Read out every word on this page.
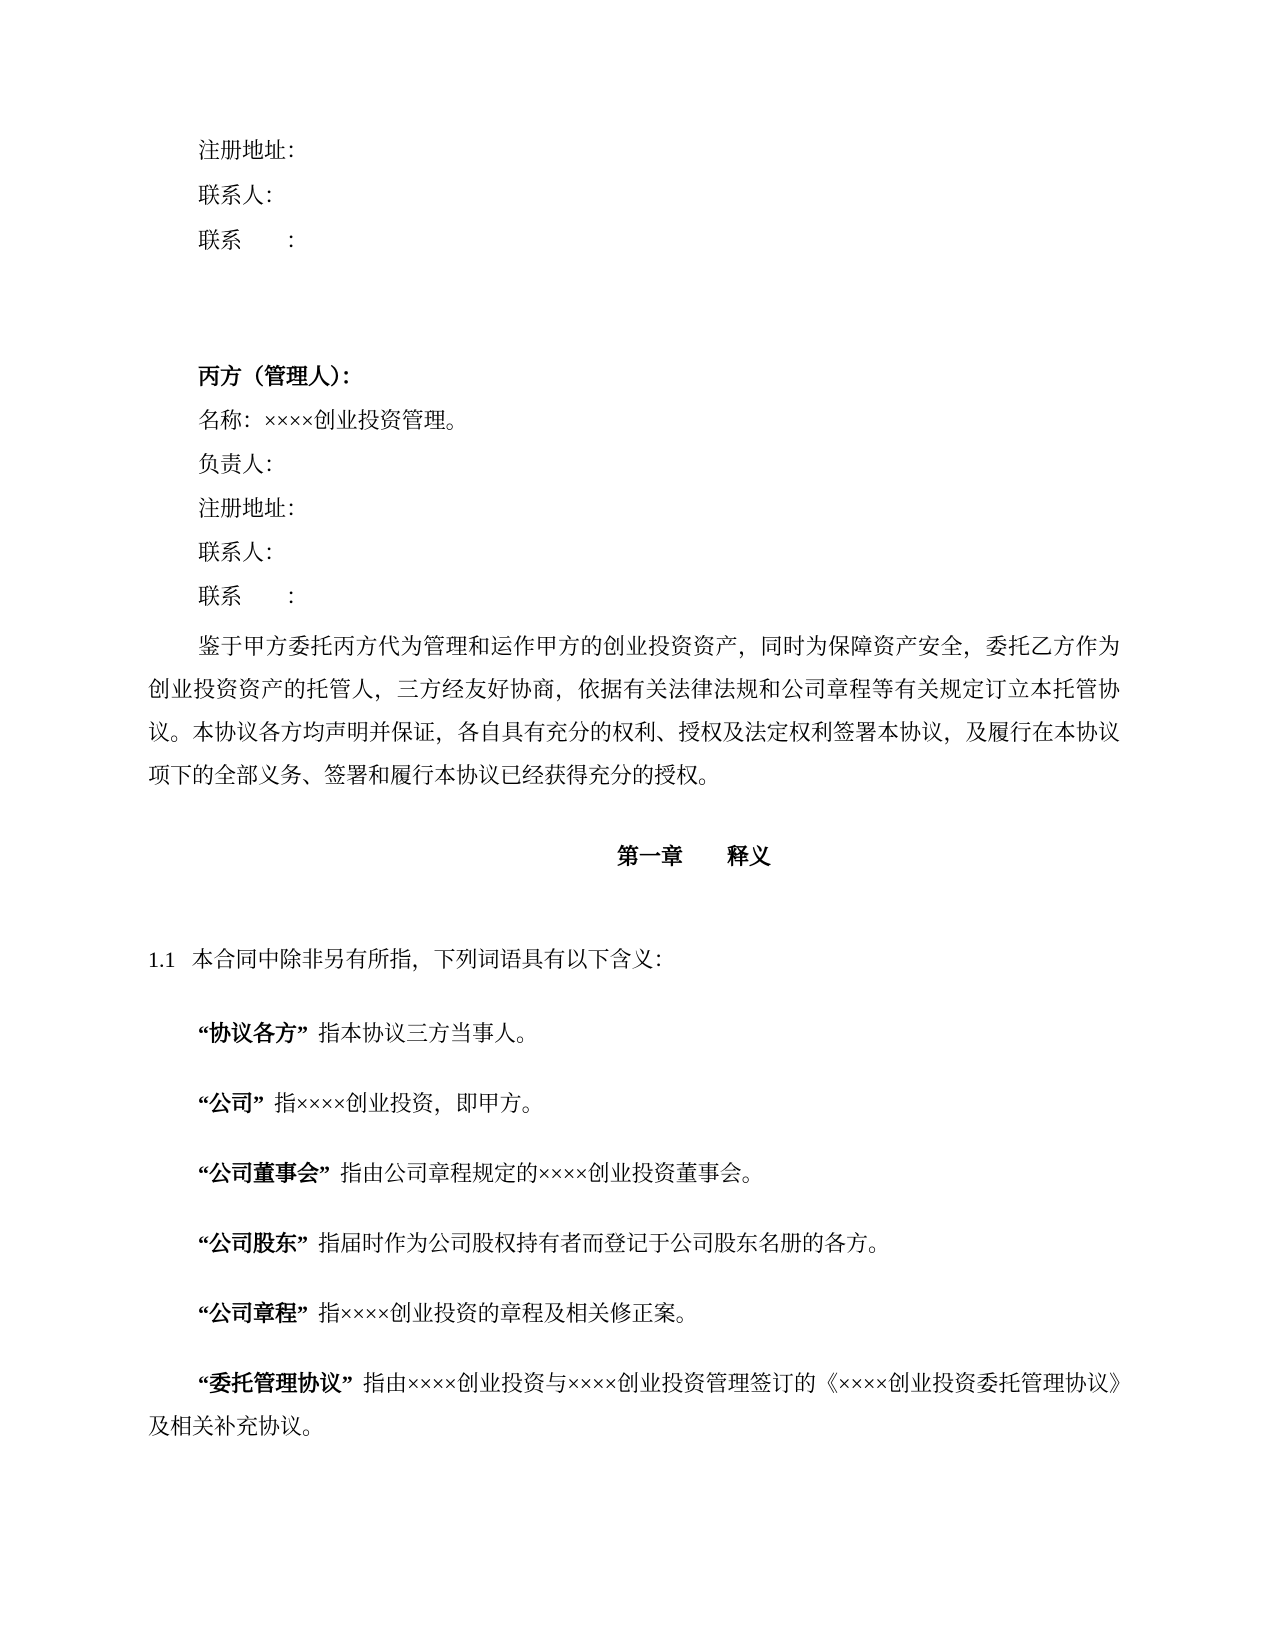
注册地址：

联系人：

联系　　：

丙方（管理人）：

名称：××××创业投资管理。

负责人：

注册地址：

联系人：

联系　　：

鉴于甲方委托丙方代为管理和运作甲方的创业投资资产，同时为保障资产安全，委托乙方作为创业投资资产的托管人，三方经友好协商，依据有关法律法规和公司章程等有关规定订立本托管协议。本协议各方均声明并保证，各自具有充分的权利、授权及法定权利签署本协议，及履行在本协议项下的全部义务、签署和履行本协议已经获得充分的授权。

第一章 释义

1.1 本合同中除非另有所指，下列词语具有以下含义：

“协议各方” 指本协议三方当事人。

“公司” 指××××创业投资，即甲方。

“公司董事会” 指由公司章程规定的××××创业投资董事会。

“公司股东” 指届时作为公司股权持有者而登记于公司股东名册的各方。

“公司章程” 指××××创业投资的章程及相关修正案。

“委托管理协议” 指由××××创业投资与××××创业投资管理签订的《××××创业投资委托管理协议》及相关补充协议。
